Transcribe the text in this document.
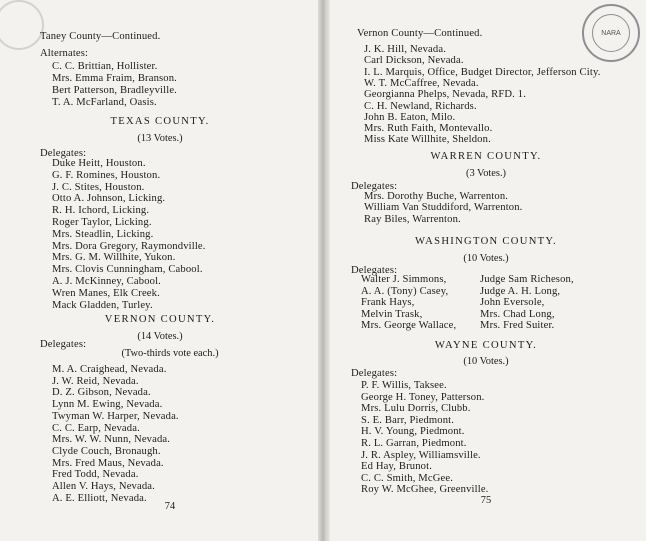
NARA
Taney County—Continued.
Alternates:
C. C. Brittian, Hollister.
Mrs. Emma Fraim, Branson.
Bert Patterson, Bradleyville.
T. A. McFarland, Oasis.
TEXAS COUNTY.
(13 Votes.)
Delegates:
Duke Heitt, Houston.
G. F. Romines, Houston.
J. C. Stites, Houston.
Otto A. Johnson, Licking.
R. H. Ichord, Licking.
Roger Taylor, Licking.
Mrs. Steadlin, Licking.
Mrs. Dora Gregory, Raymondville.
Mrs. G. M. Willhite, Yukon.
Mrs. Clovis Cunningham, Cabool.
A. J. McKinney, Cabool.
Wren Manes, Elk Creek.
Mack Gladden, Turley.
VERNON COUNTY.
(14 Votes.)
Delegates:
(Two-thirds vote each.)
M. A. Craighead, Nevada.
J. W. Reid, Nevada.
D. Z. Gibson, Nevada.
Lynn M. Ewing, Nevada.
Twyman W. Harper, Nevada.
C. C. Earp, Nevada.
Mrs. W. W. Nunn, Nevada.
Clyde Couch, Bronaugh.
Mrs. Fred Maus, Nevada.
Fred Todd, Nevada.
Allen V. Hays, Nevada.
A. E. Elliott, Nevada.
74
Vernon County—Continued.
J. K. Hill, Nevada.
Carl Dickson, Nevada.
I. L. Marquis, Office, Budget Director, Jefferson City.
W. T. McCaffree, Nevada.
Georgianna Phelps, Nevada, RFD. 1.
C. H. Newland, Richards.
John B. Eaton, Milo.
Mrs. Ruth Faith, Montevallo.
Miss Kate Willhite, Sheldon.
WARREN COUNTY.
(3 Votes.)
Delegates:
Mrs. Dorothy Buche, Warrenton.
William Van Studdiford, Warrenton.
Ray Biles, Warrenton.
WASHINGTON COUNTY.
(10 Votes.)
Delegates:
Walter J. Simmons,
A. A. (Tony) Casey,
Frank Hays,
Melvin Trask,
Mrs. George Wallace,
Judge Sam Richeson,
Judge A. H. Long,
John Eversole,
Mrs. Chad Long,
Mrs. Fred Suiter.
WAYNE COUNTY.
(10 Votes.)
Delegates:
P. F. Willis, Taksee.
George H. Toney, Patterson.
Mrs. Lulu Dorris, Clubb.
S. E. Barr, Piedmont.
H. V. Young, Piedmont.
R. L. Garran, Piedmont.
J. R. Aspley, Williamsville.
Ed Hay, Brunot.
C. C. Smith, McGee.
Roy W. McGhee, Greenville.
75
